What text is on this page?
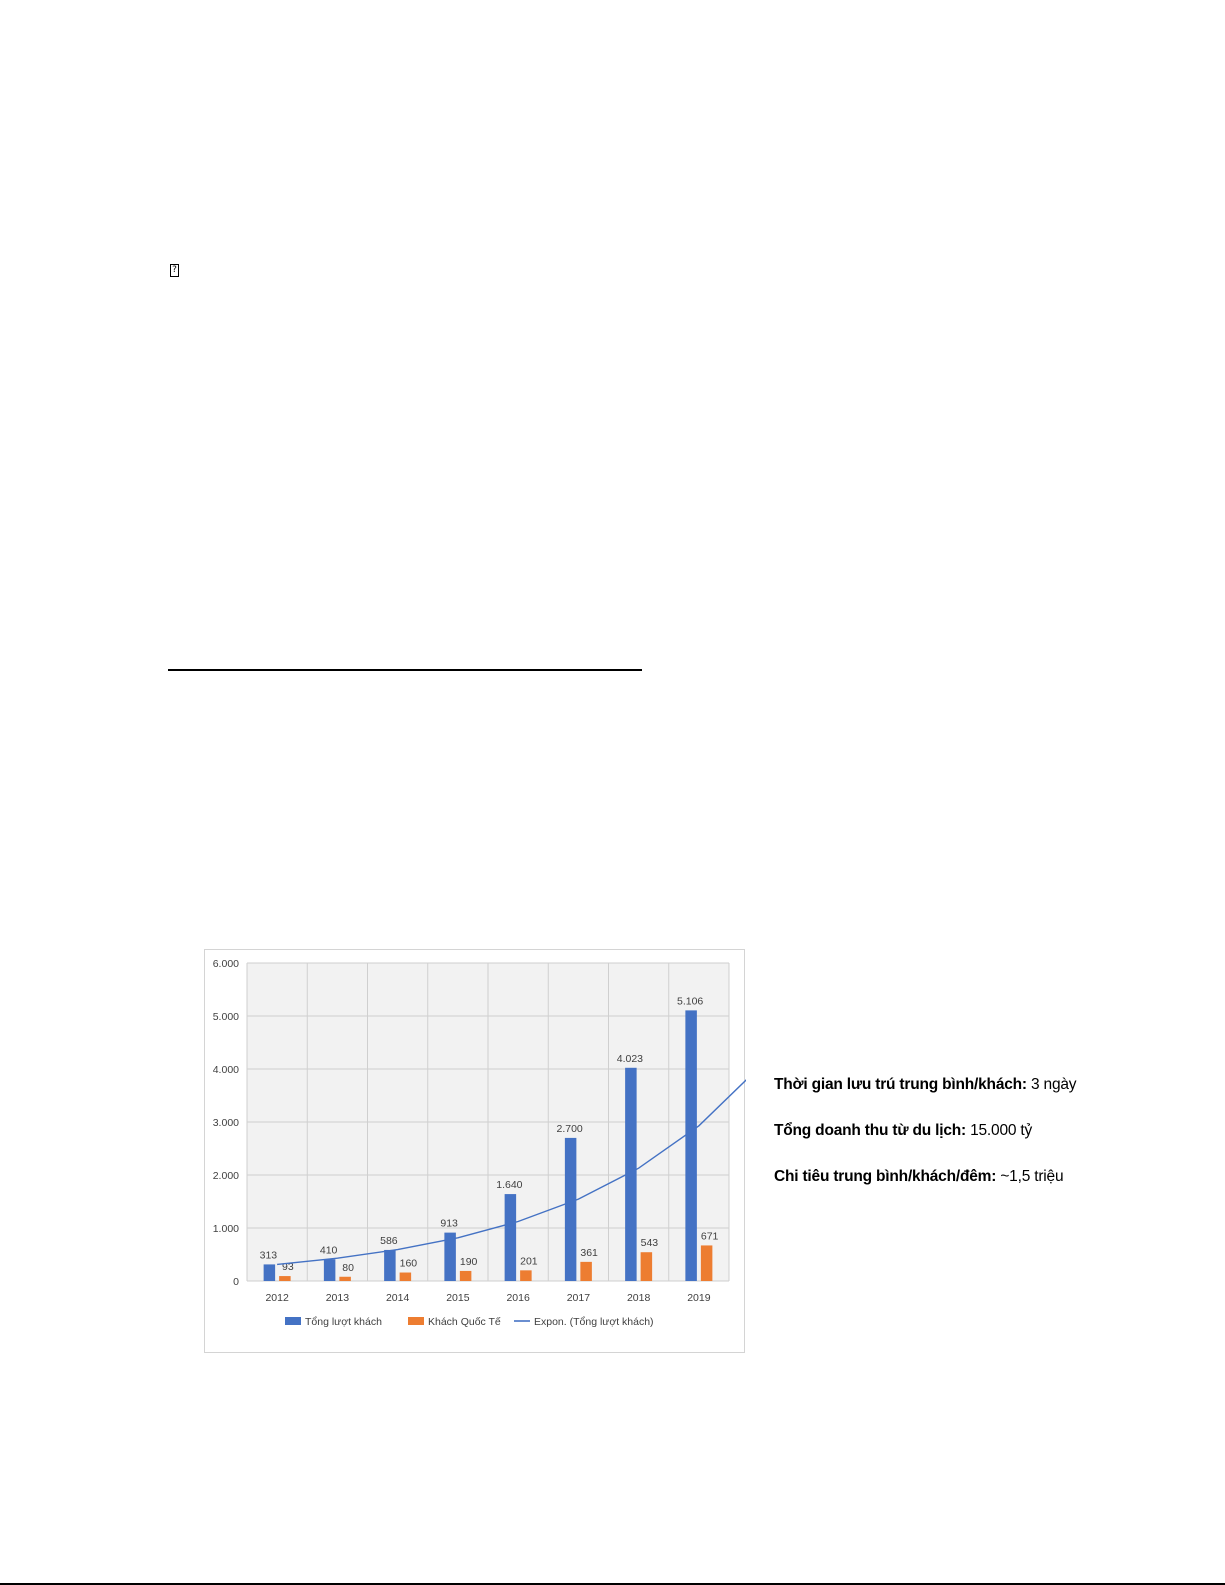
?
0
1.000
2.000
3.000
4.000
5.000
6.000
313
93
2012
410
80
2013
586
160
2014
913
190
2015
1.640
201
2016
2.700
361
2017
4.023
543
2018
5.106
671
2019
Tổng lượt khách	Khách Quốc Tế	Expon. (Tổng lượt khách)
Thời gian lưu trú trung bình/khách: 3 ngày
Tổng doanh thu từ du lịch: 15.000 tỷ
Chi tiêu trung bình/khách/đêm: ~1,5 triệu
